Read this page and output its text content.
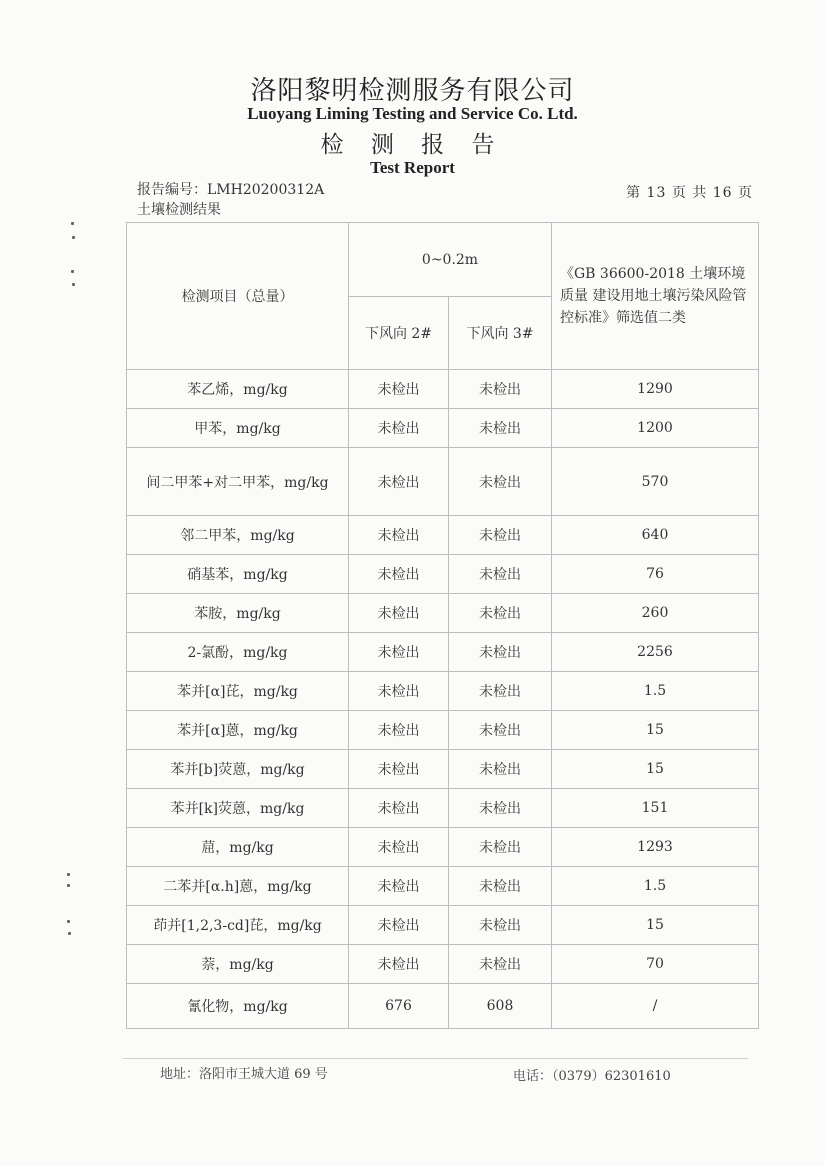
洛阳黎明检测服务有限公司
Luoyang Liming Testing and Service Co. Ltd.
检 测 报 告
Test Report
报告编号：LMH20200312A	第 13 页 共 16 页
土壤检测结果
检测项目（总量）	0~0.2m		《GB 36600-2018 土壤环境质量 建设用地土壤污染风险管控标准》筛选值二类
	下风向 2#	下风向 3#	
苯乙烯，mg/kg	未检出	未检出	1290
甲苯，mg/kg	未检出	未检出	1200
间二甲苯+对二甲苯，mg/kg	未检出	未检出	570
邻二甲苯，mg/kg	未检出	未检出	640
硝基苯，mg/kg	未检出	未检出	76
苯胺，mg/kg	未检出	未检出	260
2-氯酚，mg/kg	未检出	未检出	2256
苯并[α]芘，mg/kg	未检出	未检出	1.5
苯并[α]蒽，mg/kg	未检出	未检出	15
苯并[b]荧蒽，mg/kg	未检出	未检出	15
苯并[k]荧蒽，mg/kg	未检出	未检出	151
䓛，mg/kg	未检出	未检出	1293
二苯并[α.h]蒽，mg/kg	未检出	未检出	1.5
茚并[1,2,3-cd]芘，mg/kg	未检出	未检出	15
萘，mg/kg	未检出	未检出	70
氰化物，mg/kg	676	608	/
地址：洛阳市王城大道 69 号	电话：（0379）62301610
